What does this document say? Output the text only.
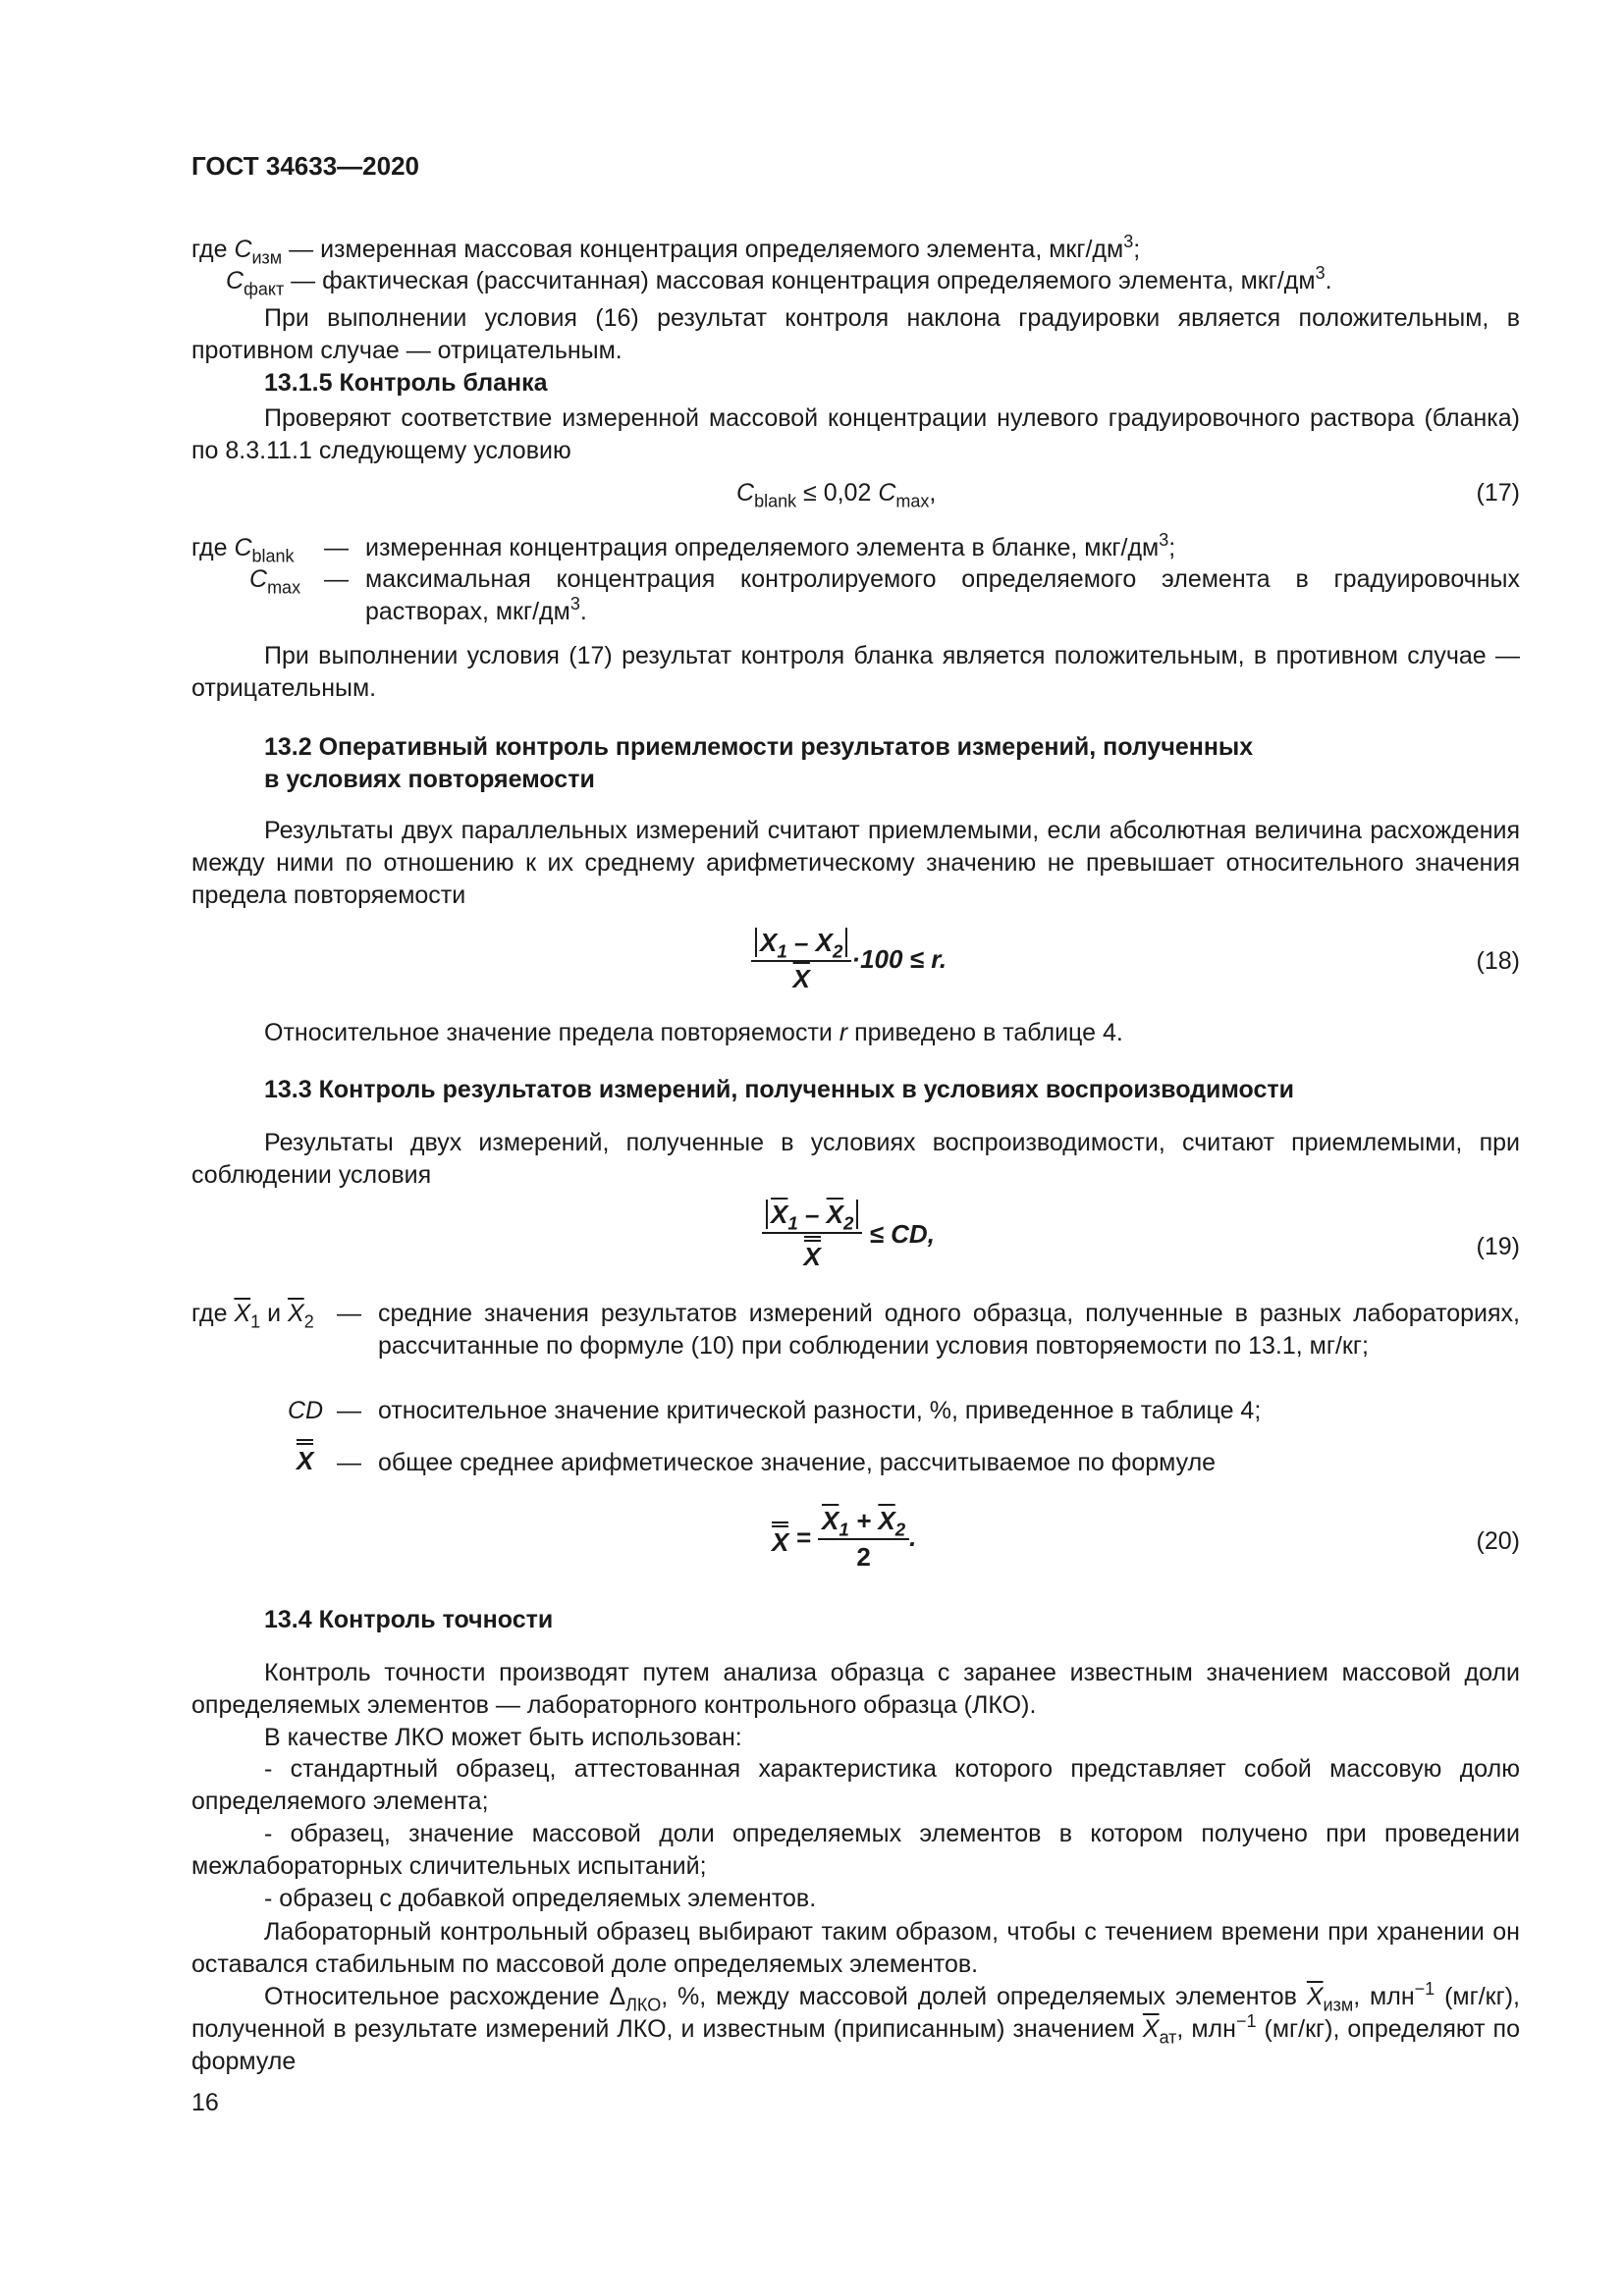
ГОСТ 34633—2020
где $C_{изм}$ — измеренная массовая концентрация определяемого элемента, мкг/$дм^3$;
$C_{факт}$ — фактическая (рассчитанная) массовая концентрация определяемого элемента, мкг/$дм^3$.

При выполнении условия (16) результат контроля наклона градуировки является положительным, в противном случае — отрицательным.

13.1.5 Контроль бланка

Проверяют соответствие измеренной массовой концентрации нулевого градуировочного раствора (бланка) по 8.3.11.1 следующему условию

$C_{blank} \le 0,02$ $C_{max}$,	(17)
где $C_{blank}$ — измеренная концентрация определяемого элемента в бланке, мкг/$дм^3$;
$C_{max}$ — максимальная концентрация контролируемого определяемого элемента в градуировочных растворах, мкг/$дм^3$.

При выполнении условия (17) результат контроля бланка является положительным, в противном случае — отрицательным.

13.2 Оперативный контроль приемлемости результатов измерений, полученных

в условиях повторяемости

Результаты двух параллельных измерений считают приемлемыми, если абсолютная величина расхождения между ними по отношению к их среднему арифметическому значению не превышает относительного значения предела повторяемости

$\frac{X_1 - X_2}{X} \cdot 100 \le r$.	(18)

Относительное значение предела повторяемости r приведено в таблице 4.

13.3 Контроль результатов измерений, полученных в условиях воспроизводимости

Результаты двух измерений, полученные в условиях воспроизводимости, считают приемлемыми, при соблюдении условия

$\frac{\overline{X}_1 - \overline{X}_2}{X}$ ≤ CD,	(19)
где $\overline{X}_1$ и $\overline{X}_2$ — средние значения результатов измерений одного образца, полученные в разных лабораториях, рассчитанные по формуле (10) при соблюдении условия повторяемости по 13.1, мг/кг;
CD — относительное значение критической разности, %, приведенное в таблице 4;
X — общее среднее арифметическое значение, рассчитываемое по формуле
$X = \frac{\overline{X}_1 + \overline{X}_2}{2}$ .	(20)

13.4 Контроль точности

Контроль точности производят путем анализа образца с заранее известным значением массовой доли определяемых элементов — лабораторного контрольного образца (ЛКО).

В качестве ЛКО может быть использован:

- стандартный образец, аттестованная характеристика которого представляет собой массовую долю определяемого элемента;

- образец, значение массовой доли определяемых элементов в котором получено при проведении межлабораторных сличительных испытаний;

- образец с добавкой определяемых элементов.

Лабораторный контрольный образец выбирают таким образом, чтобы с течением времени при хранении он оставался стабильным по массовой доле определяемых элементов.

Относительное расхождение $\Delta_{ЛКО}$, %, между массовой долей определяемых элементов $\overline{X}_{изм}$, млн$^{-1}$ (мг/кг), полученной в результате измерений ЛКО, и известным (приписанным) значением $\overline{X}_{ат}$, млн$^{-1}$ (мг/кг), определяют по формуле

16
